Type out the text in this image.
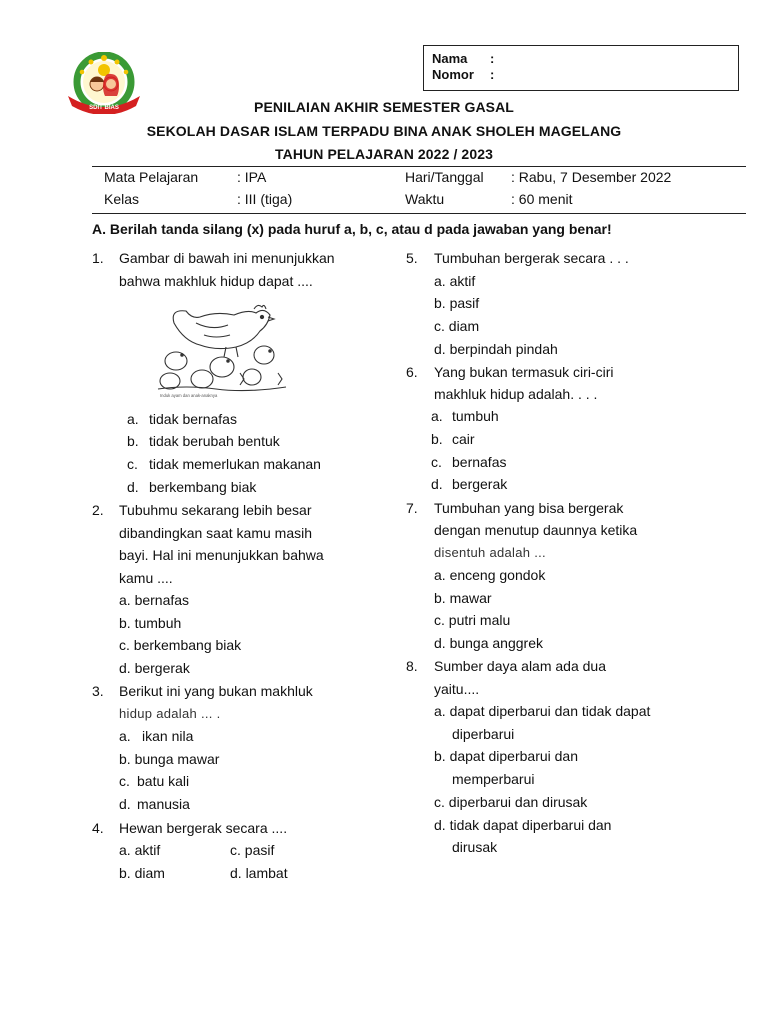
Nama :
Nomor :
SDIT BIAS	PENILAIAN AKHIR SEMESTER GASAL
SEKOLAH DASAR ISLAM TERPADU BINA ANAK SHOLEH MAGELANG
TAHUN PELAJARAN 2022 / 2023
Mata Pelajaran	: IPA	Hari/Tanggal : Rabu, 7 Desember 2022
Kelas	: III (tiga)	Waktu	: 60 menit
A. Berilah tanda silang (x) pada huruf a, b, c, atau d pada jawaban yang benar!
1. Gambar di bawah ini menunjukkan
bahwa makhluk hidup dapat ....
Induk ayam dan anak-anaknya
a. tidak bernafas
b. tidak berubah bentuk
c. tidak memerlukan makanan
d. berkembang biak
2. Tubuhmu sekarang lebih besar
dibandingkan saat kamu masih
bayi. Hal ini menunjukkan bahwa
kamu ....
a. bernafas
b. tumbuh
c. berkembang biak
d. bergerak
3. Berikut ini yang bukan makhluk
hidup adalah ... .
a. ikan nila
b. bunga mawar
c. batu kali
d. manusia
4. Hewan bergerak secara ....
a. aktif	c. pasif
b. diam	d. lambat
5. Tumbuhan bergerak secara . . .
a. aktif
b. pasif
c. diam
d. berpindah pindah
6. Yang bukan termasuk ciri-ciri
makhluk hidup adalah. . . .
a. tumbuh
b. cair
c. bernafas
d. bergerak
7. Tumbuhan yang bisa bergerak
dengan menutup daunnya ketika
disentuh adalah ...
a. enceng gondok
b. mawar
c. putri malu
d. bunga anggrek
8. Sumber daya alam ada dua
yaitu....
a. dapat diperbarui dan tidak dapat
diperbarui
b. dapat diperbarui dan
memperbarui
c. diperbarui dan dirusak
d. tidak dapat diperbarui dan
dirusak
